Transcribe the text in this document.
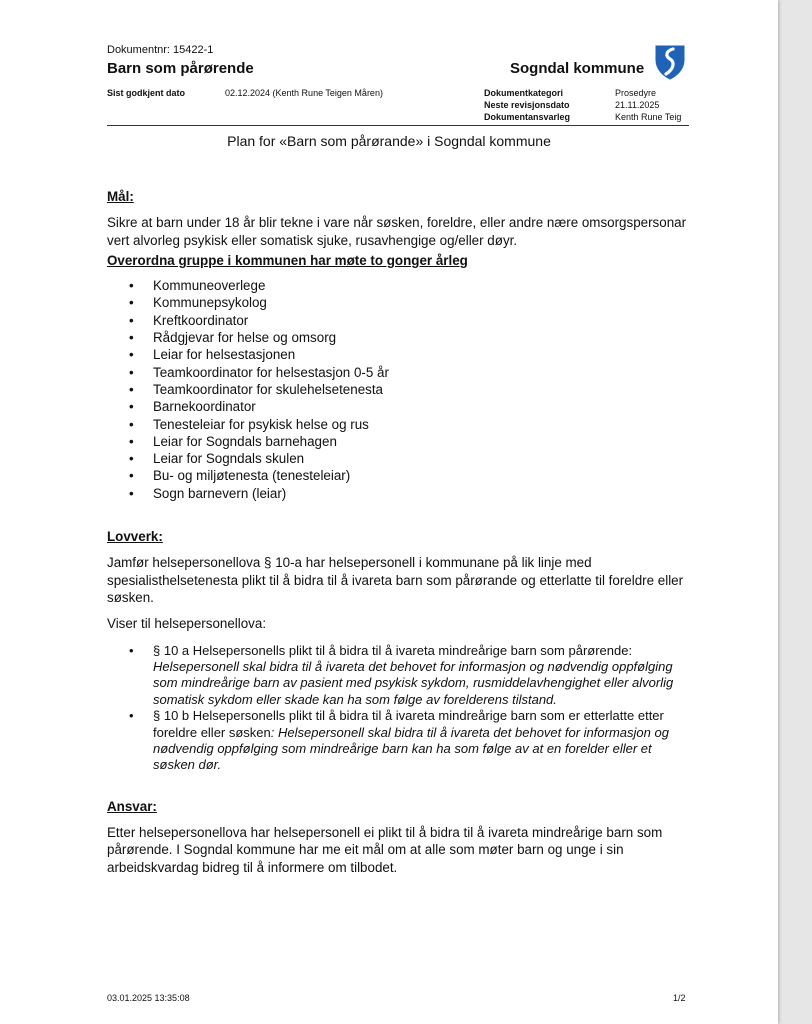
Dokumentnr: 15422-1
Barn som pårørende	Sogndal kommune
Sist godkjent dato	02.12.2024 (Kenth Rune Teigen Måren)	Dokumentkategori	Prosedyre
Neste revisjonsdato	21.11.2025
Dokumentansvarleg	Kenth Rune Teig
Plan for «Barn som pårørande» i Sogndal kommune
Mål:

Sikre at barn under 18 år blir tekne i vare når søsken, foreldre, eller andre nære omsorgspersonar vert alvorleg psykisk eller somatisk sjuke, rusavhengige og/eller døyr.

Overordna gruppe i kommunen har møte to gonger årleg
• Kommuneoverlege
• Kommunepsykolog
• Kreftkoordinator
• Rådgjevar for helse og omsorg
• Leiar for helsestasjonen
• Teamkoordinator for helsestasjon 0-5 år
• Teamkoordinator for skulehelsetenesta
• Barnekoordinator
• Tenesteleiar for psykisk helse og rus
• Leiar for Sogndals barnehagen
• Leiar for Sogndals skulen
• Bu- og miljøtenesta (tenesteleiar)
• Sogn barnevern (leiar)
Lovverk:

Jamfør helsepersonellova § 10-a har helsepersonell i kommunane på lik linje med spesialisthelsetenesta plikt til å bidra til å ivareta barn som pårørande og etterlatte til foreldre eller søsken.

Viser til helsepersonellova:

• § 10 a Helsepersonells plikt til å bidra til å ivareta mindreårige barn som pårørende: Helsepersonell skal bidra til å ivareta det behovet for informasjon og nødvendig oppfølging som mindreårige barn av pasient med psykisk sykdom, rusmiddelavhengighet eller alvorlig somatisk sykdom eller skade kan ha som følge av forelderens tilstand.
• § 10 b Helsepersonells plikt til å bidra til å ivareta mindreårige barn som er etterlatte etter foreldre eller søsken: Helsepersonell skal bidra til å ivareta det behovet for informasjon og nødvendig oppfølging som mindreårige barn kan ha som følge av at en forelder eller et søsken dør.
Ansvar:

Etter helsepersonellova har helsepersonell ei plikt til å bidra til å ivareta mindreårige barn som pårørende. I Sogndal kommune har me eit mål om at alle som møter barn og unge i sin arbeidskvardag bidreg til å informere om tilbodet.

03.01.2025 13:35:08	1/2
